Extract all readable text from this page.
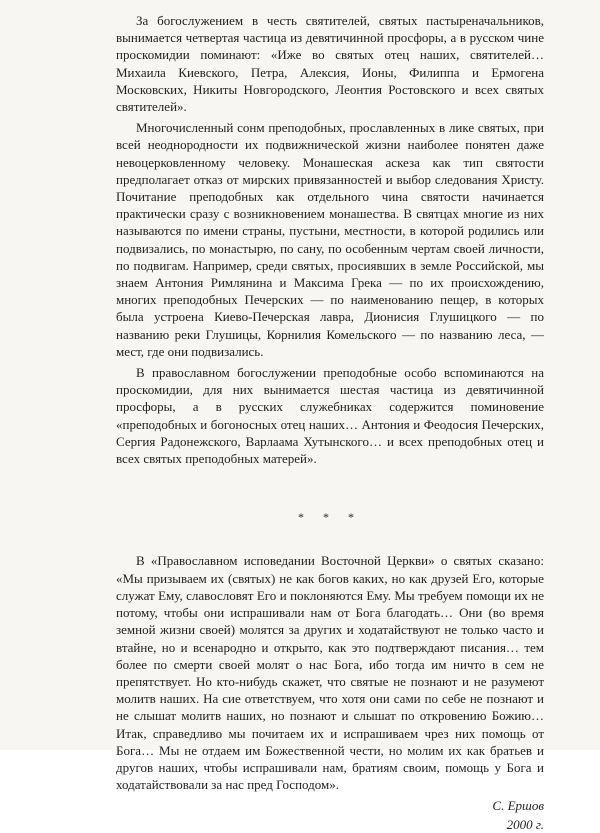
За богослужением в честь святителей, святых пастыреначальников, вынимается четвертая частица из девятичинной просфоры, а в русском чине проскомидии поминают: «Иже во святых отец наших, святителей… Михаила Киевского, Петра, Алексия, Ионы, Филиппа и Ермогена Московских, Никиты Новгородского, Леонтия Ростовского и всех святых святителей».

Многочисленный сонм преподобных, прославленных в лике святых, при всей неоднородности их подвижнической жизни наиболее понятен даже невоцерковленному человеку. Монашеская аскеза как тип святости предполагает отказ от мирских привязанностей и выбор следования Христу. Почитание преподобных как отдельного чина святости начинается практически сразу с возникновением монашества. В святцах многие из них называются по имени страны, пустыни, местности, в которой родились или подвизались, по монастырю, по сану, по особенным чертам своей личности, по подвигам. Например, среди святых, просиявших в земле Российской, мы знаем Антония Римлянина и Максима Грека — по их происхождению, многих преподобных Печерских — по наименованию пещер, в которых была устроена Киево-Печерская лавра, Дионисия Глушицкого — по названию реки Глушицы, Корнилия Комельского — по названию леса, — мест, где они подвизались.

В православном богослужении преподобные особо вспоминаются на проскомидии, для них вынимается шестая частица из девятичинной просфоры, а в русских служебниках содержится поминовение «преподобных и богоносных отец наших… Антония и Феодосия Печерских, Сергия Радонежского, Варлаама Хутынского… и всех преподобных отец и всех святых преподобных матерей».

* * *

В «Православном исповедании Восточной Церкви» о святых сказано: «Мы призываем их (святых) не как богов каких, но как друзей Его, которые служат Ему, славословят Его и поклоняются Ему. Мы требуем помощи их не потому, чтобы они испрашивали нам от Бога благодать… Они (во время земной жизни своей) молятся за других и ходатайствуют не только часто и втайне, но и всенародно и открыто, как это подтверждают писания… тем более по смерти своей молят о нас Бога, ибо тогда им ничто в сем не препятствует. Но кто-нибудь скажет, что святые не познают и не разумеют молитв наших. На сие ответствуем, что хотя они сами по себе не познают и не слышат молитв наших, но познают и слышат по откровению Божию… Итак, справедливо мы почитаем их и испрашиваем чрез них помощь от Бога… Мы не отдаем им Божественной чести, но молим их как братьев и другов наших, чтобы испрашивали нам, братиям своим, помощь у Бога и ходатайствовали за нас пред Господом».

С. Ершов
2000 г.
